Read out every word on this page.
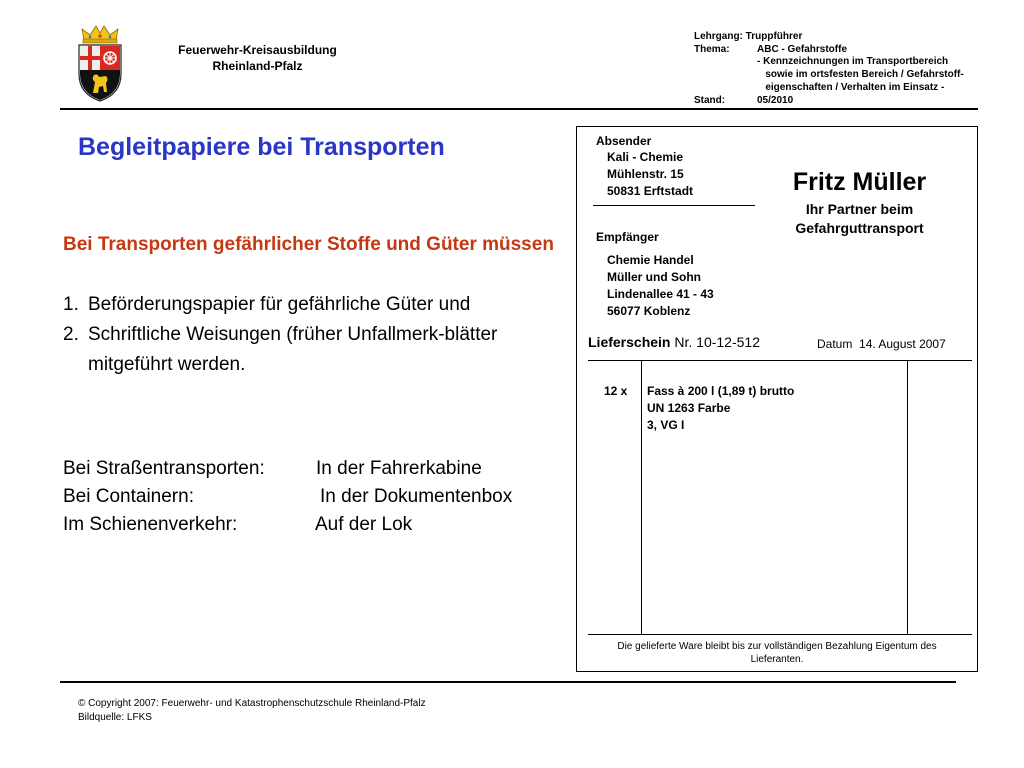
Feuerwehr-Kreisausbildung
Rheinland-Pfalz
Lehrgang:
Truppführer
Thema:	ABC - Gefahrstoffe
- Kennzeichnungen im Transportbereich
sowie im ortsfesten Bereich / Gefahrstoff-
eigenschaften / Verhalten im Einsatz -
Stand:	05/2010
Begleitpapiere bei Transporten
Bei Transporten gefährlicher Stoffe und Güter müssen
1. Beförderungspapier für gefährliche Güter und
2. Schriftliche Weisungen (früher Unfallmerk-blätter mitgeführt werden.
Bei Straßentransporten:	In der Fahrerkabine
Bei Containern:	In der Dokumentenbox
Im Schienenverkehr:	Auf der Lok
Absender
Kali - Chemie
Mühlenstr. 15
50831 Erftstadt	Fritz Müller
Ihr Partner beim Gefahrguttransport
Empfänger
Chemie Handel
Müller und Sohn
Lindenallee 41 - 43
56077 Koblenz
Lieferschein Nr. 10-12-512	Datum 14. August 2007
12 x Fass à 200 l (1,89 t) brutto
UN 1263 Farbe
3, VG I
Die gelieferte Ware bleibt bis zur vollständigen Bezahlung Eigentum des Lieferanten.
© Copyright 2007: Feuerwehr- und Katastrophenschutzschule Rheinland-Pfalz
Bildquelle: LFKS
